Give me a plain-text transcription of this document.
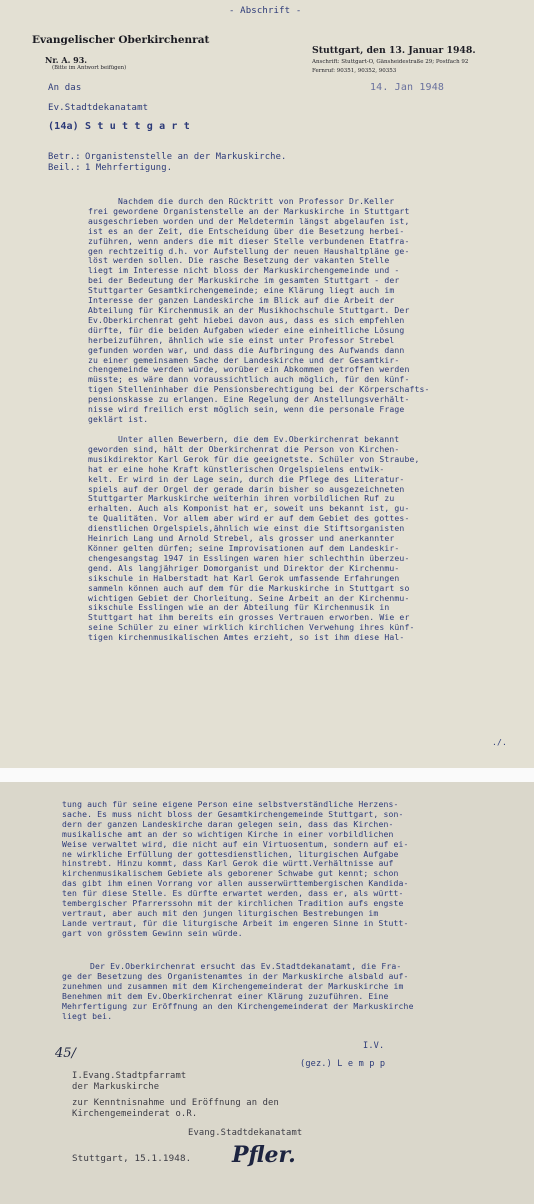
- Abschrift -
Evangelischer Oberkirchenrat
Nr. A. 93.
(Bitte im Antwort beifügen)
Stuttgart, den 13. Januar 1948.
Anschrift: Stuttgart-O, Gänsheidestraße 29; Postfach 92
Fernruf: 90351, 90352, 90353
14. Jan 1948
An das
Ev.Stadtdekanatamt
(14a) S t u t t g a r t
Betr.: Organistenstelle an der Markuskirche.
Beil.: 1 Mehrfertigung.
Nachdem die durch den Rücktritt von Professor Dr.Keller
frei gewordene Organistenstelle an der Markuskirche in Stuttgart
ausgeschrieben worden und der Meldetermin längst abgelaufen ist,
ist es an der Zeit, die Entscheidung über die Besetzung herbei-
zuführen, wenn anders die mit dieser Stelle verbundenen Etatfra-
gen rechtzeitig d.h. vor Aufstellung der neuen Haushaltpläne ge-
löst werden sollen. Die rasche Besetzung der vakanten Stelle
liegt im Interesse nicht bloss der Markuskirchengemeinde und -
bei der Bedeutung der Markuskirche im gesamten Stuttgart - der
Stuttgarter Gesamtkirchengemeinde; eine Klärung liegt auch im
Interesse der ganzen Landeskirche im Blick auf die Arbeit der
Abteilung für Kirchenmusik an der Musikhochschule Stuttgart. Der
Ev.Oberkirchenrat geht hiebei davon aus, dass es sich empfehlen
dürfte, für die beiden Aufgaben wieder eine einheitliche Lösung
herbeizuführen, ähnlich wie sie einst unter Professor Strebel
gefunden worden war, und dass die Aufbringung des Aufwands dann
zu einer gemeinsamen Sache der Landeskirche und der Gesamtkir-
chengemeinde werden würde, worüber ein Abkommen getroffen werden
müsste; es wäre dann voraussichtlich auch möglich, für den künf-
tigen Stelleninhaber die Pensionsberechtigung bei der Körperschafts-
pensionskasse zu erlangen. Eine Regelung der Anstellungsverhält-
nisse wird freilich erst möglich sein, wenn die personale Frage
geklärt ist.
Unter allen Bewerbern, die dem Ev.Oberkirchenrat bekannt
geworden sind, hält der Oberkirchenrat die Person von Kirchen-
musikdirektor Karl Gerok für die geeignetste. Schüler von Straube,
hat er eine hohe Kraft künstlerischen Orgelspielens entwik-
kelt. Er wird in der Lage sein, durch die Pflege des Literatur-
spiels auf der Orgel der gerade darin bisher so ausgezeichneten
Stuttgarter Markuskirche weiterhin ihren vorbildlichen Ruf zu
erhalten. Auch als Komponist hat er, soweit uns bekannt ist, gu-
te Qualitäten. Vor allem aber wird er auf dem Gebiet des gottes-
dienstlichen Orgelspiels,ähnlich wie einst die Stiftsorganisten
Heinrich Lang und Arnold Strebel, als grosser und anerkannter
Könner gelten dürfen; seine Improvisationen auf dem Landeskir-
chengesangstag 1947 in Esslingen waren hier schlechthin überzeu-
gend. Als langjähriger Domorganist und Direktor der Kirchenmu-
sikschule in Halberstadt hat Karl Gerok umfassende Erfahrungen
sammeln können auch auf dem für die Markuskirche in Stuttgart so
wichtigen Gebiet der Chorleitung. Seine Arbeit an der Kirchenmu-
sikschule Esslingen wie an der Abteilung für Kirchenmusik in
Stuttgart hat ihm bereits ein grosses Vertrauen erworben. Wie er
seine Schüler zu einer wirklich kirchlichen Verwehung ihres künf-
tigen kirchenmusikalischen Amtes erzieht, so ist ihm diese Hal-
./.
tung auch für seine eigene Person eine selbstverständliche Herzens-
sache. Es muss nicht bloss der Gesamtkirchengemeinde Stuttgart, son-
dern der ganzen Landeskirche daran gelegen sein, dass das Kirchen-
musikalische amt an der so wichtigen Kirche in einer vorbildlichen
Weise verwaltet wird, die nicht auf ein Virtuosentum, sondern auf ei-
ne wirkliche Erfüllung der gottesdienstlichen, liturgischen Aufgabe
hinstrebt. Hinzu kommt, dass Karl Gerok die württ.Verhältnisse auf
kirchenmusikalischem Gebiete als geborener Schwabe gut kennt; schon
das gibt ihm einen Vorrang vor allen ausserwürttembergischen Kandida-
ten für diese Stelle. Es dürfte erwartet werden, dass er, als württ-
tembergischer Pfarrerssohn mit der kirchlichen Tradition aufs engste
vertraut, aber auch mit den jungen liturgischen Bestrebungen im
Lande vertraut, für die liturgische Arbeit im engeren Sinne in Stutt-
gart von grösstem Gewinn sein würde.
Der Ev.Oberkirchenrat ersucht das Ev.Stadtdekanatamt, die Fra-
ge der Besetzung des Organistenamtes in der Markuskirche alsbald auf-
zunehmen und zusammen mit dem Kirchengemeinderat der Markuskirche im
Benehmen mit dem Ev.Oberkirchenrat einer Klärung zuzuführen. Eine
Mehrfertigung zur Eröffnung an den Kirchengemeinderat der Markuskirche
liegt bei.
I.V.
(gez.) L e m p p
45/
I.Evang.Stadtpfarramt
der Markuskirche
zur Kenntnisnahme und Eröffnung an den
Kirchengemeinderat o.R.
Evang.Stadtdekanatamt
Stuttgart, 15.1.1948. Pfler.
